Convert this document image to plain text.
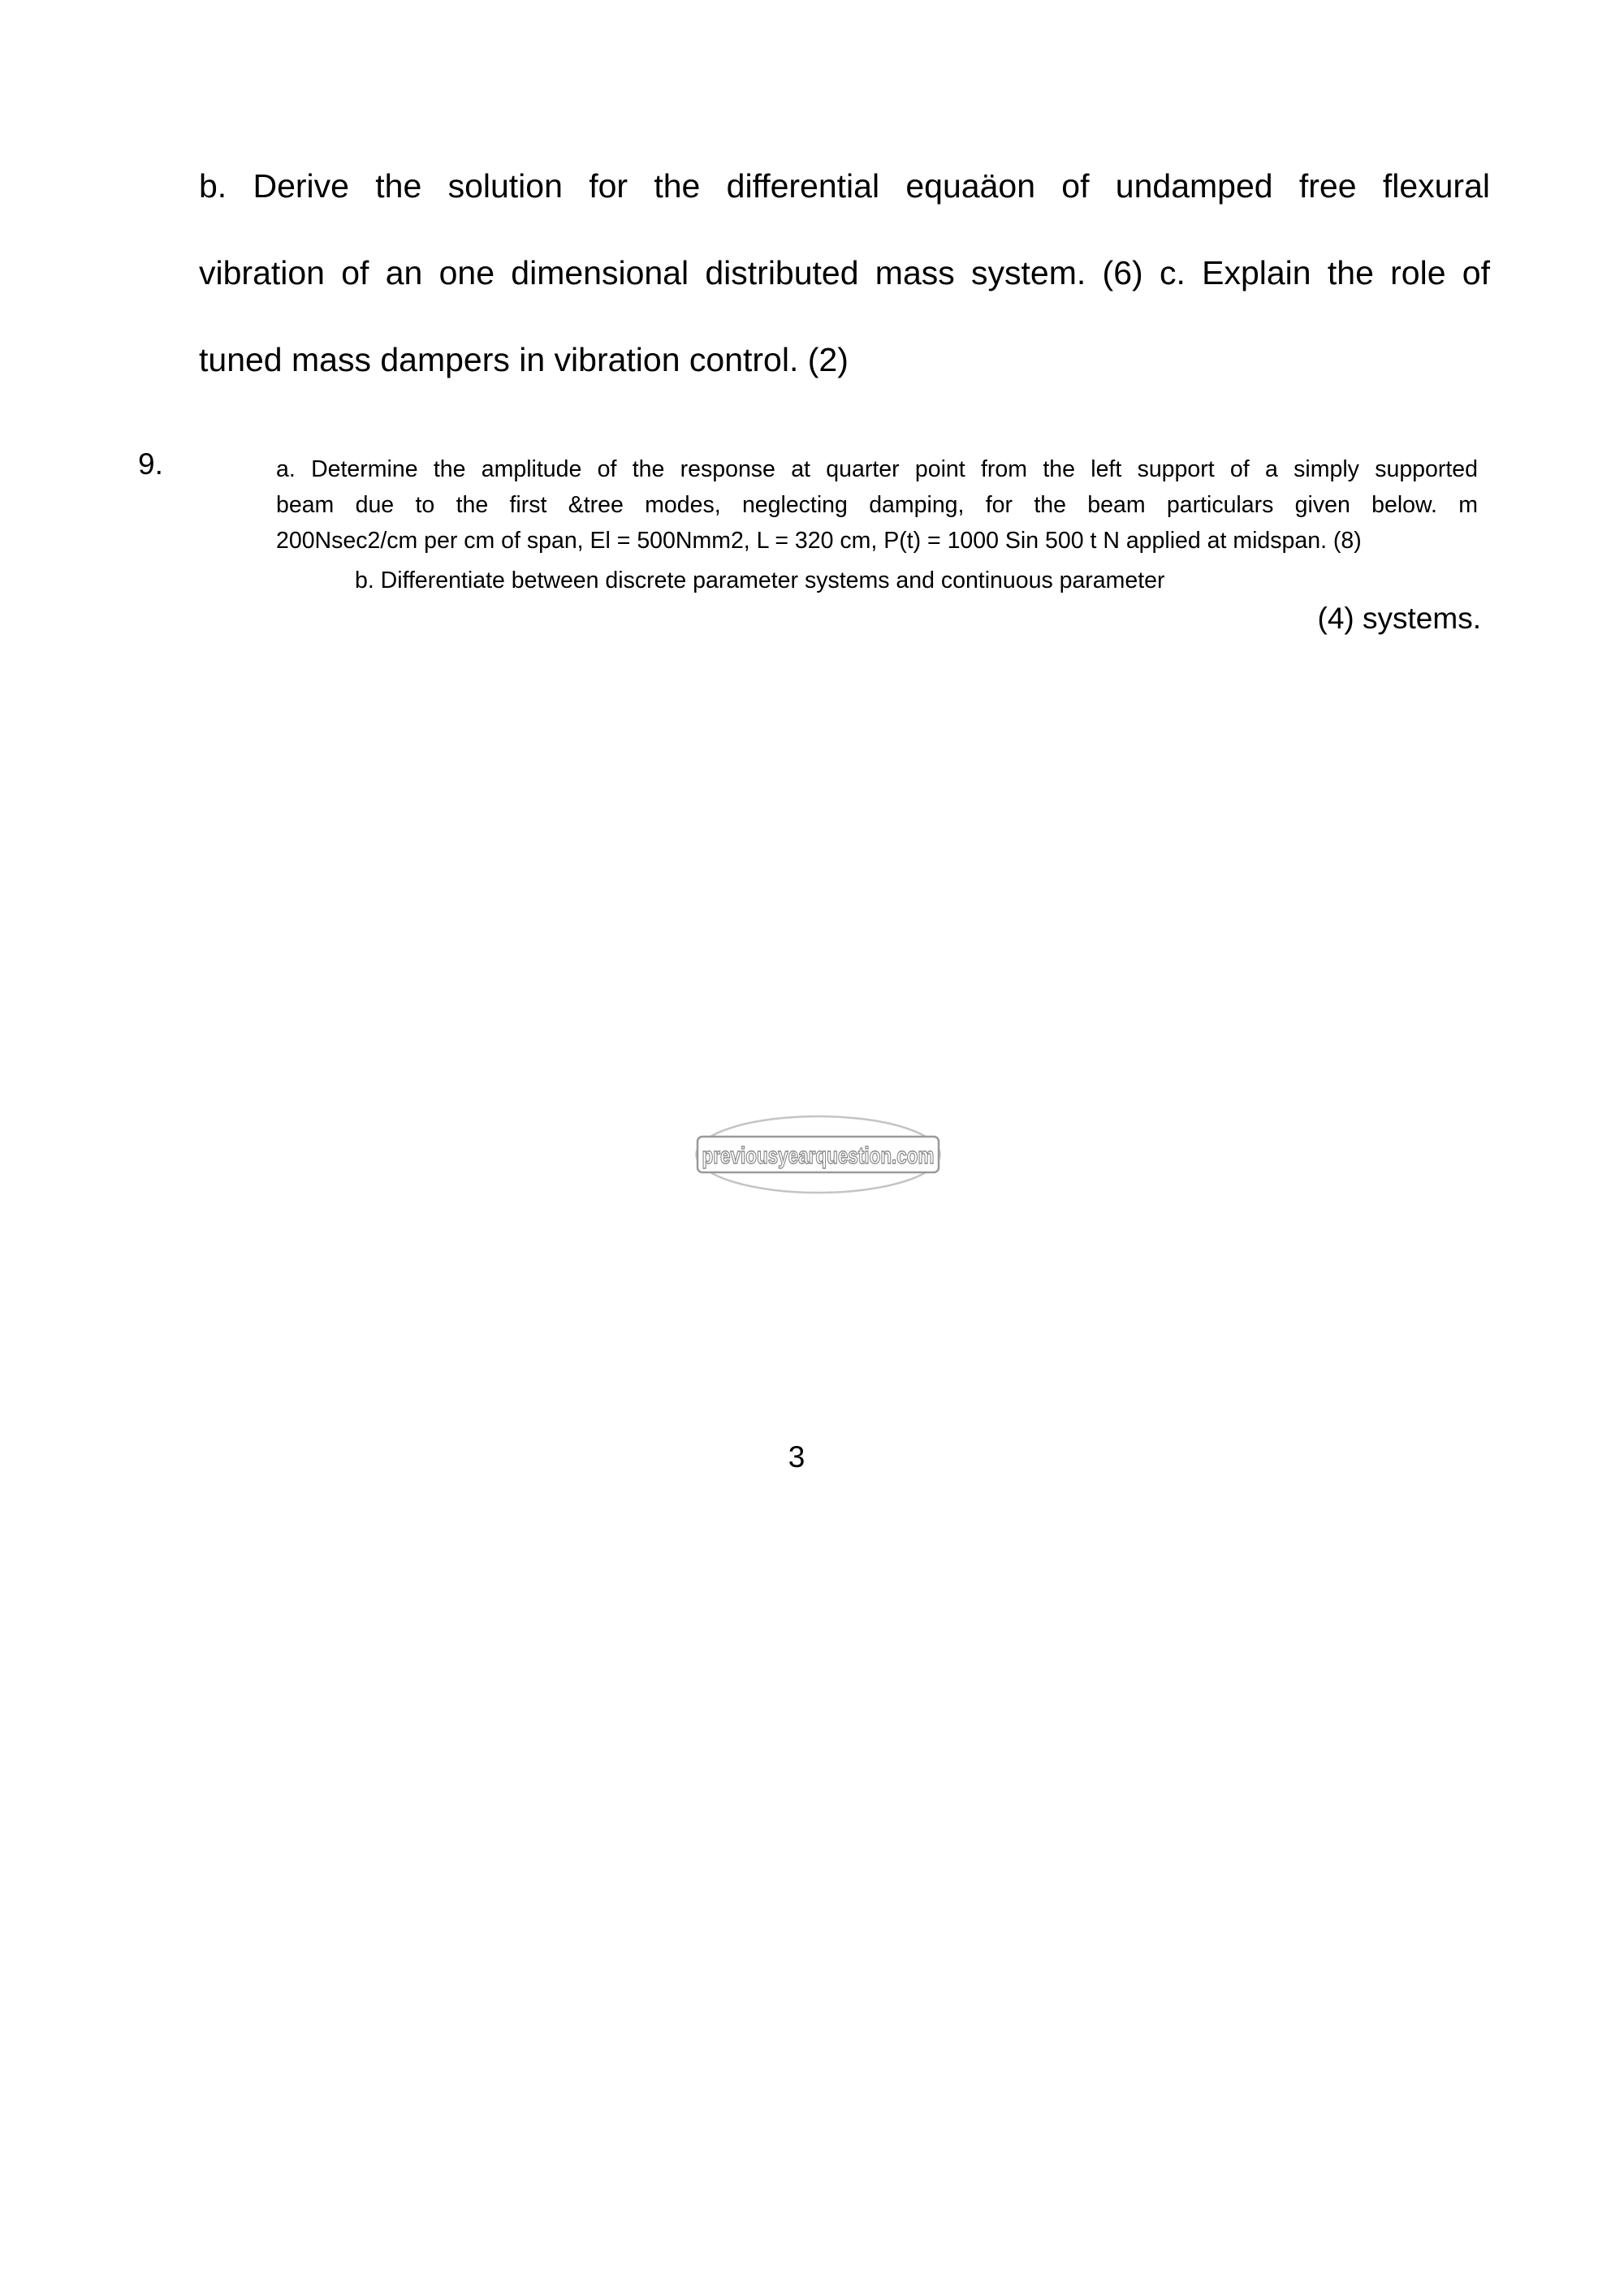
b. Derive the solution for the differential equaäon of undamped free flexural
vibration of an one dimensional distributed mass system. (6) c. Explain the role of
tuned mass dampers in vibration control. (2)
9.	a. Determine the amplitude of the response at quarter point from the left support of a simply supported
beam due to the first &tree modes, neglecting damping, for the beam particulars given below. m
200Nsec2/cm per cm of span, El = 500Nmm2, L = 320 cm, P(t) = 1000 Sin 500 t N applied at midspan. (8)
b. Differentiate between discrete parameter systems and continuous parameter
(4) systems.
previousyearquestion.com
3
